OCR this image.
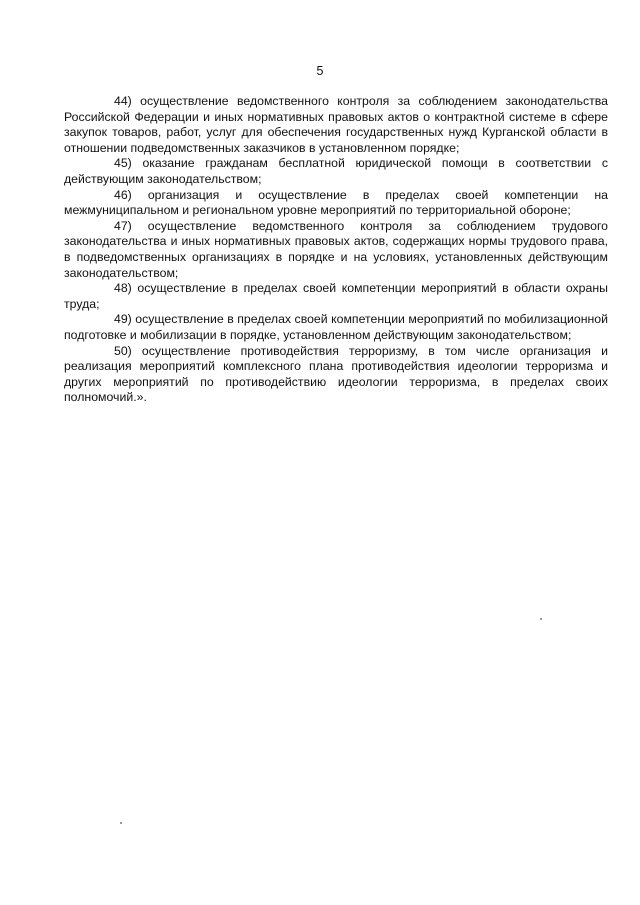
5

44) осуществление ведомственного контроля за соблюдением законодательства Российской Федерации и иных нормативных правовых актов о контрактной системе в сфере закупок товаров, работ, услуг для обеспечения государственных нужд Курганской области в отношении подведомственных заказчиков в установленном порядке;

45) оказание гражданам бесплатной юридической помощи в соответствии с действующим законодательством;

46) организация и осуществление в пределах своей компетенции на межмуниципальном и региональном уровне мероприятий по территориальной обороне;

47) осуществление ведомственного контроля за соблюдением трудового законодательства и иных нормативных правовых актов, содержащих нормы трудового права, в подведомственных организациях в порядке и на условиях, установленных действующим законодательством;

48) осуществление в пределах своей компетенции мероприятий в области охраны труда;

49) осуществление в пределах своей компетенции мероприятий по мобилизационной подготовке и мобилизации в порядке, установленном действующим законодательством;

50) осуществление противодействия терроризму, в том числе организация и реализация мероприятий комплексного плана противодействия идеологии терроризма и других мероприятий по противодействию идеологии терроризма, в пределах своих полномочий.».
